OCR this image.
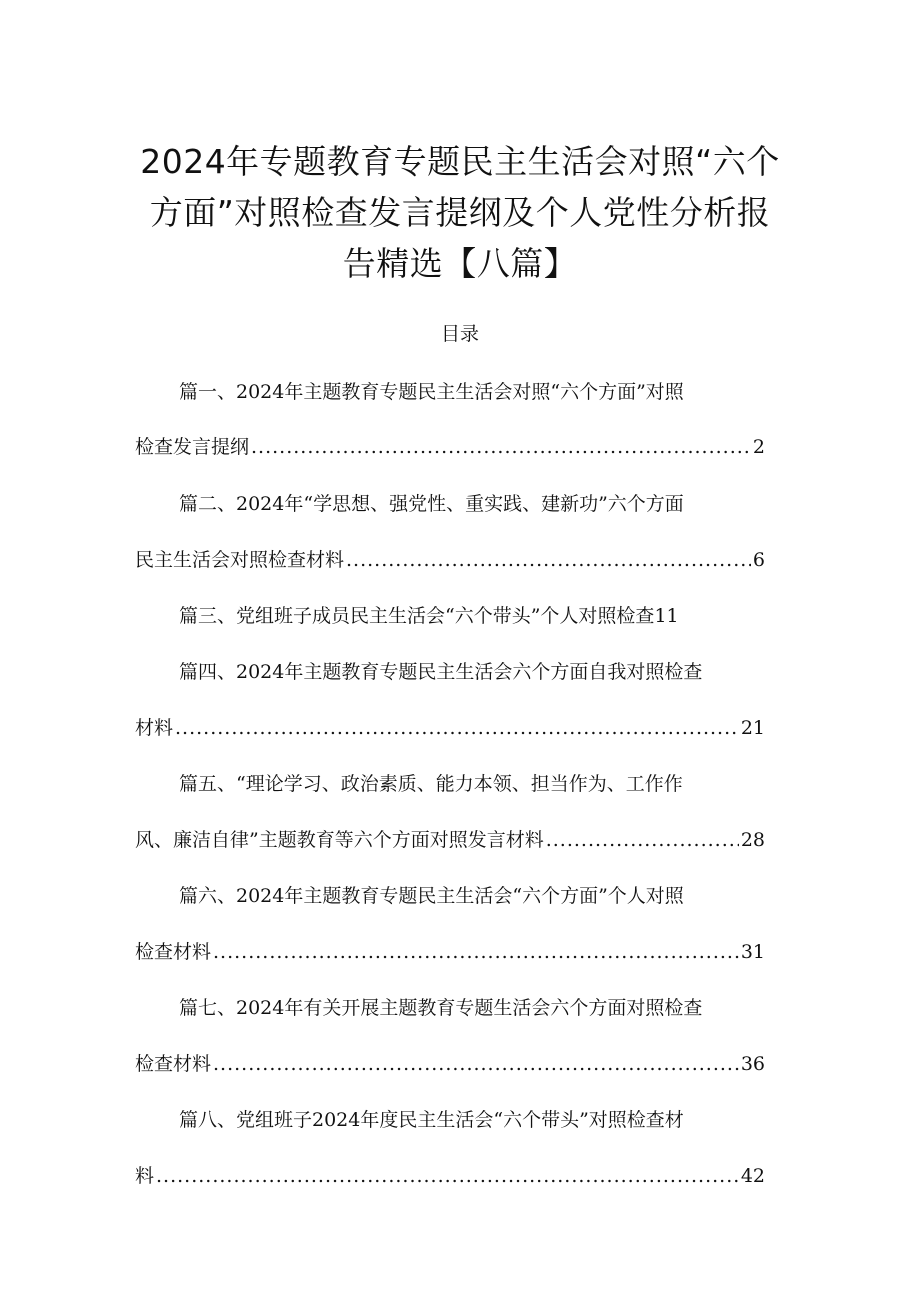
2024年专题教育专题民主生活会对照“六个
方面”对照检查发言提纲及个人党性分析报
告精选【八篇】
目录
篇一、2024年主题教育专题民主生活会对照“六个方面”对照
检查发言提纲 .....	2
篇二、2024年“学思想、强党性、重实践、建新功”六个方面
民主生活会对照检查材料 .....	6
篇三、党组班子成员民主生活会“六个带头”个人对照检查11
篇四、2024年主题教育专题民主生活会六个方面自我对照检查
材料 .....	21
篇五、“理论学习、政治素质、能力本领、担当作为、工作作
风、廉洁自律”主题教育等六个方面对照发言材料 .....	28
篇六、2024年主题教育专题民主生活会“六个方面”个人对照
检查材料 .....	31
篇七、2024年有关开展主题教育专题生活会六个方面对照检查
检查材料 .....	36
篇八、党组班子2024年度民主生活会“六个带头”对照检查材
料 .....	42
